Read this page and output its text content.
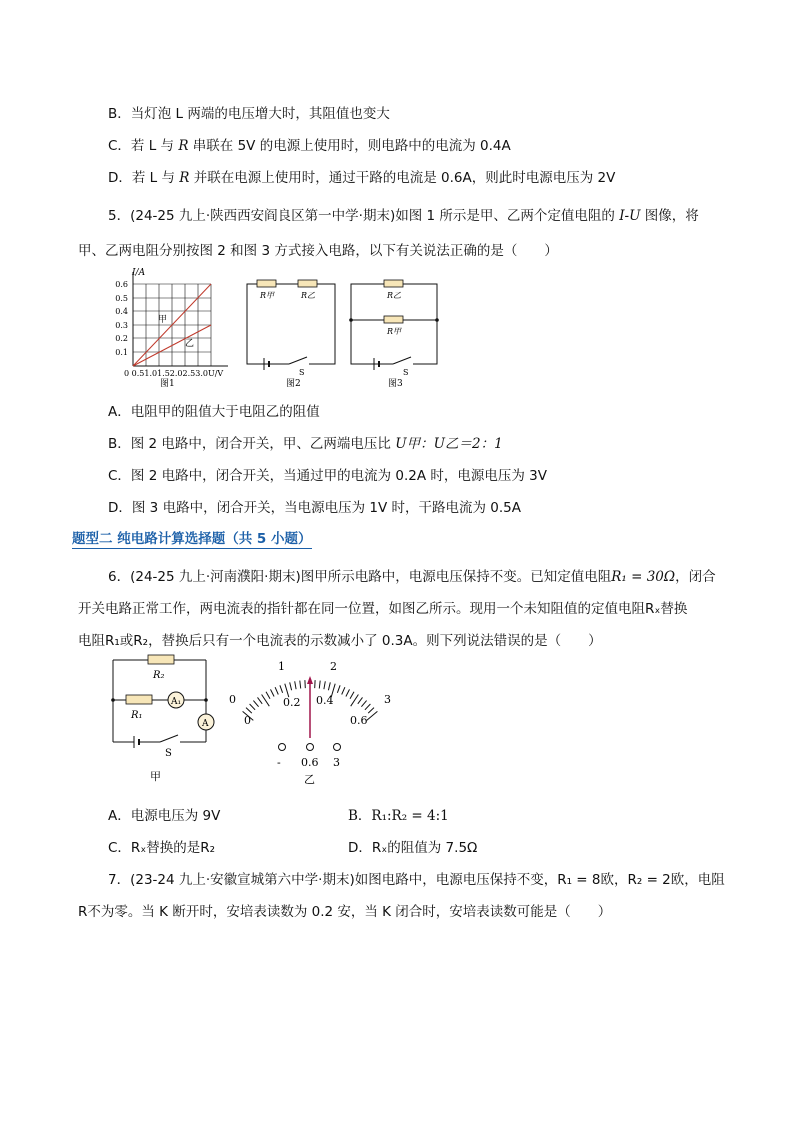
B．当灯泡 L 两端的电压增大时，其阻值也变大
C．若 L 与 R 串联在 5V 的电源上使用时，则电路中的电流为 0.4A
D．若 L 与 R 并联在电源上使用时，通过干路的电流是 0.6A，则此时电源电压为 2V
5．(24-25 九上·陕西西安阎良区第一中学·期末)如图 1 所示是甲、乙两个定值电阻的 I-U 图像，将
甲、乙两电阻分别按图 2 和图 3 方式接入电路，以下有关说法正确的是（　　）
I/A
0.6
0.5
0.4
0.3
0.2
0.1
甲
乙
0 0.51.01.52.02.53.0U/V
图1
R甲	R乙
S
图2
R乙
R甲
S
图3
A．电阻甲的阻值大于电阻乙的阻值
B．图 2 电路中，闭合开关，甲、乙两端电压比 U甲：U乙＝2：1
C．图 2 电路中，闭合开关，当通过甲的电流为 0.2A 时，电源电压为 3V
D．图 3 电路中，闭合开关，当电源电压为 1V 时，干路电流为 0.5A
题型二 纯电路计算选择题（共 5 小题）
6．(24-25 九上·河南濮阳·期末)图甲所示电路中，电源电压保持不变。已知定值电阻R₁ = 30Ω，闭合
开关电路正常工作，两电流表的指针都在同一位置，如图乙所示。现用一个未知阻值的定值电阻Rₓ替换
电阻R₁或R₂，替换后只有一个电流表的示数减小了 0.3A。则下列说法错误的是（　　）
R₂
R₁
A₁
A
S
甲
0
1	2
3
0
0.2 0.4
0.6
- 0.6 3
乙
A．电源电压为 9V	B．R₁:R₂ = 4:1
C．Rₓ替换的是R₂	D．Rₓ的阻值为 7.5Ω
7．(23-24 九上·安徽宣城第六中学·期末)如图电路中，电源电压保持不变，R₁ = 8欧，R₂ = 2欧，电阻
R不为零。当 K 断开时，安培表读数为 0.2 安，当 K 闭合时，安培表读数可能是（　　）
